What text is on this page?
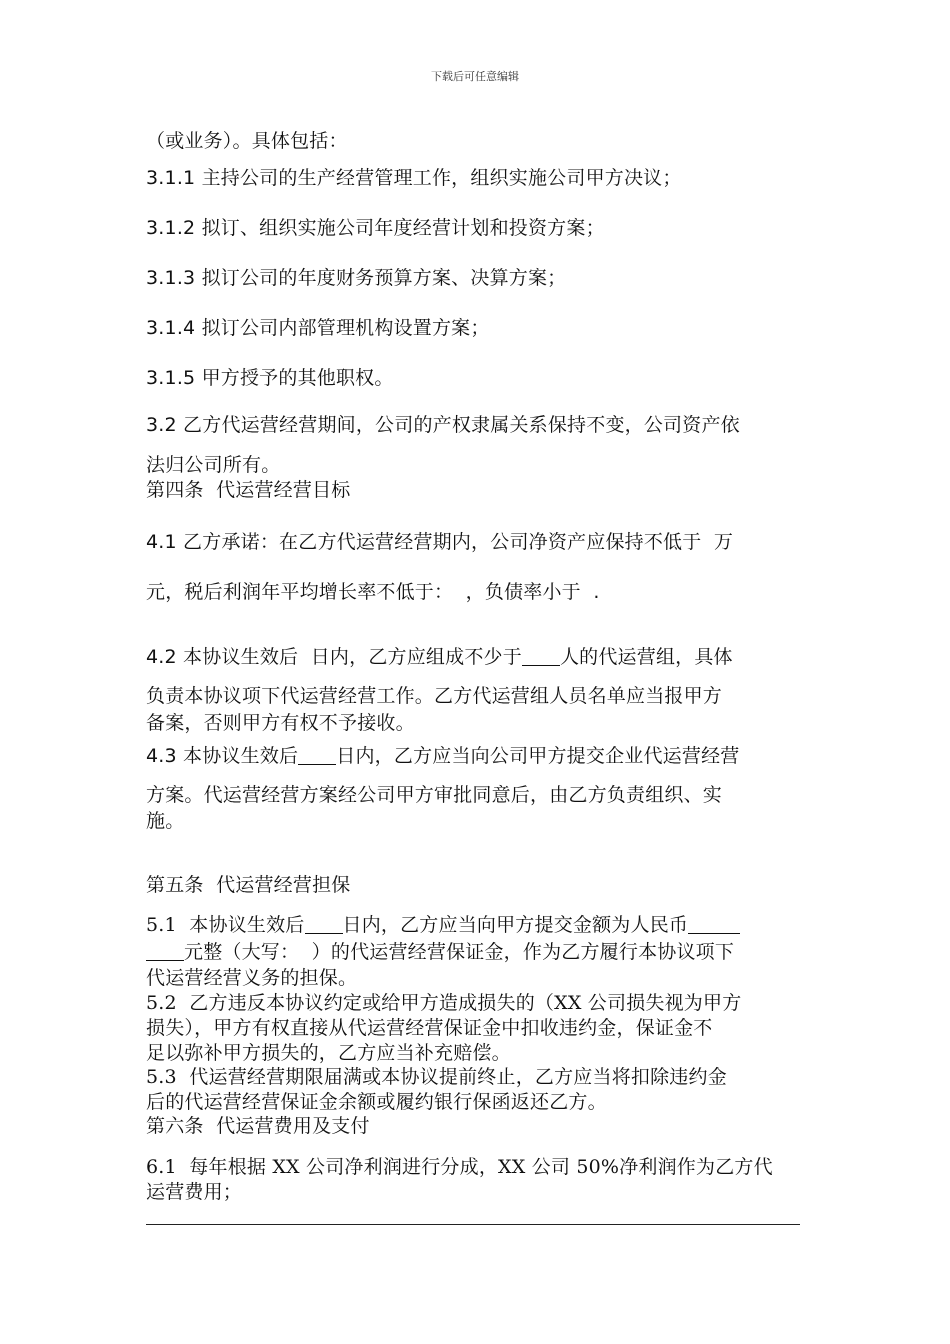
下载后可任意编辑
（或业务）。具体包括：
3.1.1 主持公司的生产经营管理工作，组织实施公司甲方决议；
3.1.2 拟订、组织实施公司年度经营计划和投资方案；
3.1.3 拟订公司的年度财务预算方案、决算方案；
3.1.4 拟订公司内部管理机构设置方案；
3.1.5 甲方授予的其他职权。
3.2 乙方代运营经营期间，公司的产权隶属关系保持不变，公司资产依
法归公司所有。
第四条  代运营经营目标
4.1 乙方承诺：在乙方代运营经营期内，公司净资产应保持不低于  万
元，税后利润年平均增长率不低于：  ，负债率小于  .
4.2 本协议生效后  日内，乙方应组成不少于 人的代运营组，具体
负责本协议项下代运营经营工作。乙方代运营组人员名单应当报甲方
备案，否则甲方有权不予接收。
4.3 本协议生效后 日内，乙方应当向公司甲方提交企业代运营经营
方案。代运营经营方案经公司甲方审批同意后，由乙方负责组织、实
施。
第五条  代运营经营担保
5.1  本协议生效后 日内，乙方应当向甲方提交金额为人民币
元整（大写：  ）的代运营经营保证金，作为乙方履行本协议项下
代运营经营义务的担保。
5.2  乙方违反本协议约定或给甲方造成损失的（XX 公司损失视为甲方
损失），甲方有权直接从代运营经营保证金中扣收违约金，保证金不
足以弥补甲方损失的，乙方应当补充赔偿。
5.3  代运营经营期限届满或本协议提前终止，乙方应当将扣除违约金
后的代运营经营保证金余额或履约银行保函返还乙方。
第六条  代运营费用及支付
6.1  每年根据 XX 公司净利润进行分成，XX 公司 50%净利润作为乙方代
运营费用；
